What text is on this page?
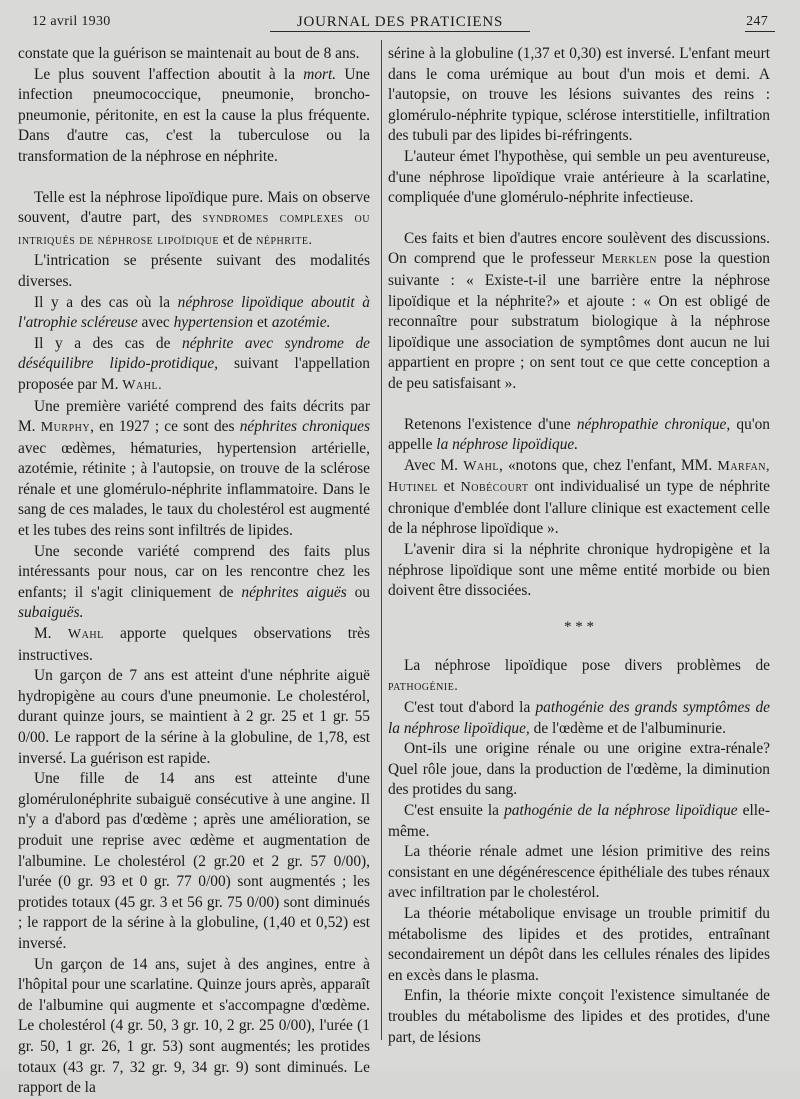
12 avril 1930	JOURNAL DES PRATICIENS	247

constate que la guérison se maintenait au bout de 8 ans.

Le plus souvent l'affection aboutit à la mort. Une infection pneumococcique, pneumonie, broncho-pneumonie, péritonite, en est la cause la plus fréquente. Dans d'autre cas, c'est la tuberculose ou la transformation de la néphrose en néphrite.

Telle est la néphrose lipoïdique pure. Mais on observe souvent, d'autre part, des syndromes complexes ou intriqués de néphrose lipoïdique et de néphrite.

L'intrication se présente suivant des modalités diverses.

Il y a des cas où la néphrose lipoïdique aboutit à l'atrophie scléreuse avec hypertension et azotémie.

Il y a des cas de néphrite avec syndrome de déséquilibre lipido-protidique, suivant l'appellation proposée par M. Wahl.

Une première variété comprend des faits décrits par M. Murphy, en 1927 ; ce sont des néphrites chroniques avec œdèmes, hématuries, hypertension artérielle, azotémie, rétinite ; à l'autopsie, on trouve de la sclérose rénale et une glomérulo-néphrite inflammatoire. Dans le sang de ces malades, le taux du cholestérol est augmenté et les tubes des reins sont infiltrés de lipides.

Une seconde variété comprend des faits plus intéressants pour nous, car on les rencontre chez les enfants; il s'agit cliniquement de néphrites aiguës ou subaiguës.

M. Wahl apporte quelques observations très instructives.

Un garçon de 7 ans est atteint d'une néphrite aiguë hydropigène au cours d'une pneumonie. Le cholestérol, durant quinze jours, se maintient à 2 gr. 25 et 1 gr. 55 0/00. Le rapport de la sérine à la globuline, de 1,78, est inversé. La guérison est rapide.

Une fille de 14 ans est atteinte d'une glomérulonéphrite subaiguë consécutive à une angine. Il n'y a d'abord pas d'œdème ; après une amélioration, se produit une reprise avec œdème et augmentation de l'albumine. Le cholestérol (2 gr.20 et 2 gr. 57 0/00), l'urée (0 gr. 93 et 0 gr. 77 0/00) sont augmentés ; les protides totaux (45 gr. 3 et 56 gr. 75 0/00) sont diminués ; le rapport de la sérine à la globuline, (1,40 et 0,52) est inversé.

Un garçon de 14 ans, sujet à des angines, entre à l'hôpital pour une scarlatine. Quinze jours après, apparaît de l'albumine qui augmente et s'accompagne d'œdème. Le cholestérol (4 gr. 50, 3 gr. 10, 2 gr. 25 0/00), l'urée (1 gr. 50, 1 gr. 26, 1 gr. 53) sont augmentés; les protides totaux (43 gr. 7, 32 gr. 9, 34 gr. 9) sont diminués. Le rapport de la

sérine à la globuline (1,37 et 0,30) est inversé. L'enfant meurt dans le coma urémique au bout d'un mois et demi. A l'autopsie, on trouve les lésions suivantes des reins : glomérulo-néphrite typique, sclérose interstitielle, infiltration des tubuli par des lipides bi-réfringents.

L'auteur émet l'hypothèse, qui semble un peu aventureuse, d'une néphrose lipoïdique vraie antérieure à la scarlatine, compliquée d'une glomérulo-néphrite infectieuse.

Ces faits et bien d'autres encore soulèvent des discussions. On comprend que le professeur Merklen pose la question suivante : « Existe-t-il une barrière entre la néphrose lipoïdique et la néphrite?» et ajoute : « On est obligé de reconnaître pour substratum biologique à la néphrose lipoïdique une association de symptômes dont aucun ne lui appartient en propre ; on sent tout ce que cette conception a de peu satisfaisant ».

Retenons l'existence d'une néphropathie chronique, qu'on appelle la néphrose lipoïdique.

Avec M. Wahl, «notons que, chez l'enfant, MM. Marfan, Hutinel et Nobécourt ont individualisé un type de néphrite chronique d'emblée dont l'allure clinique est exactement celle de la néphrose lipoïdique ».

L'avenir dira si la néphrite chronique hydropigène et la néphrose lipoïdique sont une même entité morbide ou bien doivent être dissociées.

* * *

La néphrose lipoïdique pose divers problèmes de pathogénie.

C'est tout d'abord la pathogénie des grands symptômes de la néphrose lipoïdique, de l'œdème et de l'albuminurie.

Ont-ils une origine rénale ou une origine extra-rénale? Quel rôle joue, dans la production de l'œdème, la diminution des protides du sang.

C'est ensuite la pathogénie de la néphrose lipoïdique elle-même.

La théorie rénale admet une lésion primitive des reins consistant en une dégénérescence épithéliale des tubes rénaux avec infiltration par le cholestérol.

La théorie métabolique envisage un trouble primitif du métabolisme des lipides et des protides, entraînant secondairement un dépôt dans les cellules rénales des lipides en excès dans le plasma.

Enfin, la théorie mixte conçoit l'existence simultanée de troubles du métabolisme des lipides et des protides, d'une part, de lésions
